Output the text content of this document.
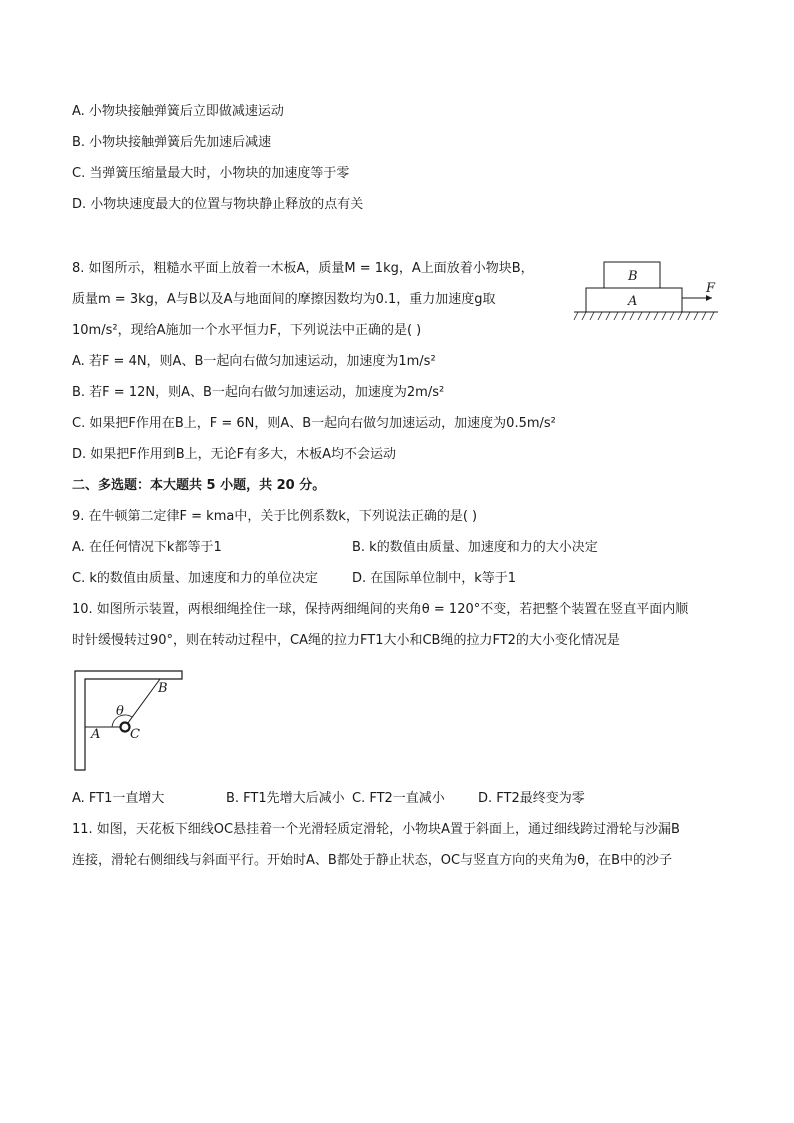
A. 小物块接触弹簧后立即做减速运动
B. 小物块接触弹簧后先加速后减速
C. 当弹簧压缩量最大时，小物块的加速度等于零
D. 小物块速度最大的位置与物块静止释放的点有关
8. 如图所示，粗糙水平面上放着一木板A，质量M = 1kg，A上面放着小物块B，
质量m = 3kg，A与B以及A与地面间的摩擦因数均为0.1，重力加速度g取
10m/s²，现给A施加一个水平恒力F，下列说法中正确的是( )
B
A
F
A. 若F = 4N，则A、B一起向右做匀加速运动，加速度为1m/s²
B. 若F = 12N，则A、B一起向右做匀加速运动，加速度为2m/s²
C. 如果把F作用在B上，F = 6N，则A、B一起向右做匀加速运动，加速度为0.5m/s²
D. 如果把F作用到B上，无论F有多大，木板A均不会运动
二、多选题：本大题共 5 小题，共 20 分。
9. 在牛顿第二定律F = kma中，关于比例系数k，下列说法正确的是( )
A. 在任何情况下k都等于1	B. k的数值由质量、加速度和力的大小决定
C. k的数值由质量、加速度和力的单位决定	D. 在国际单位制中，k等于1
10. 如图所示装置，两根细绳拴住一球，保持两细绳间的夹角θ = 120°不变，若把整个装置在竖直平面内顺
时针缓慢转过90°，则在转动过程中，CA绳的拉力FT1大小和CB绳的拉力FT2的大小变化情况是
B
θ
A C
A. FT1一直增大	B. FT1先增大后减小 C. FT2一直减小	D. FT2最终变为零
11. 如图，天花板下细线OC悬挂着一个光滑轻质定滑轮，小物块A置于斜面上，通过细线跨过滑轮与沙漏B
连接，滑轮右侧细线与斜面平行。开始时A、B都处于静止状态，OC与竖直方向的夹角为θ，在B中的沙子
